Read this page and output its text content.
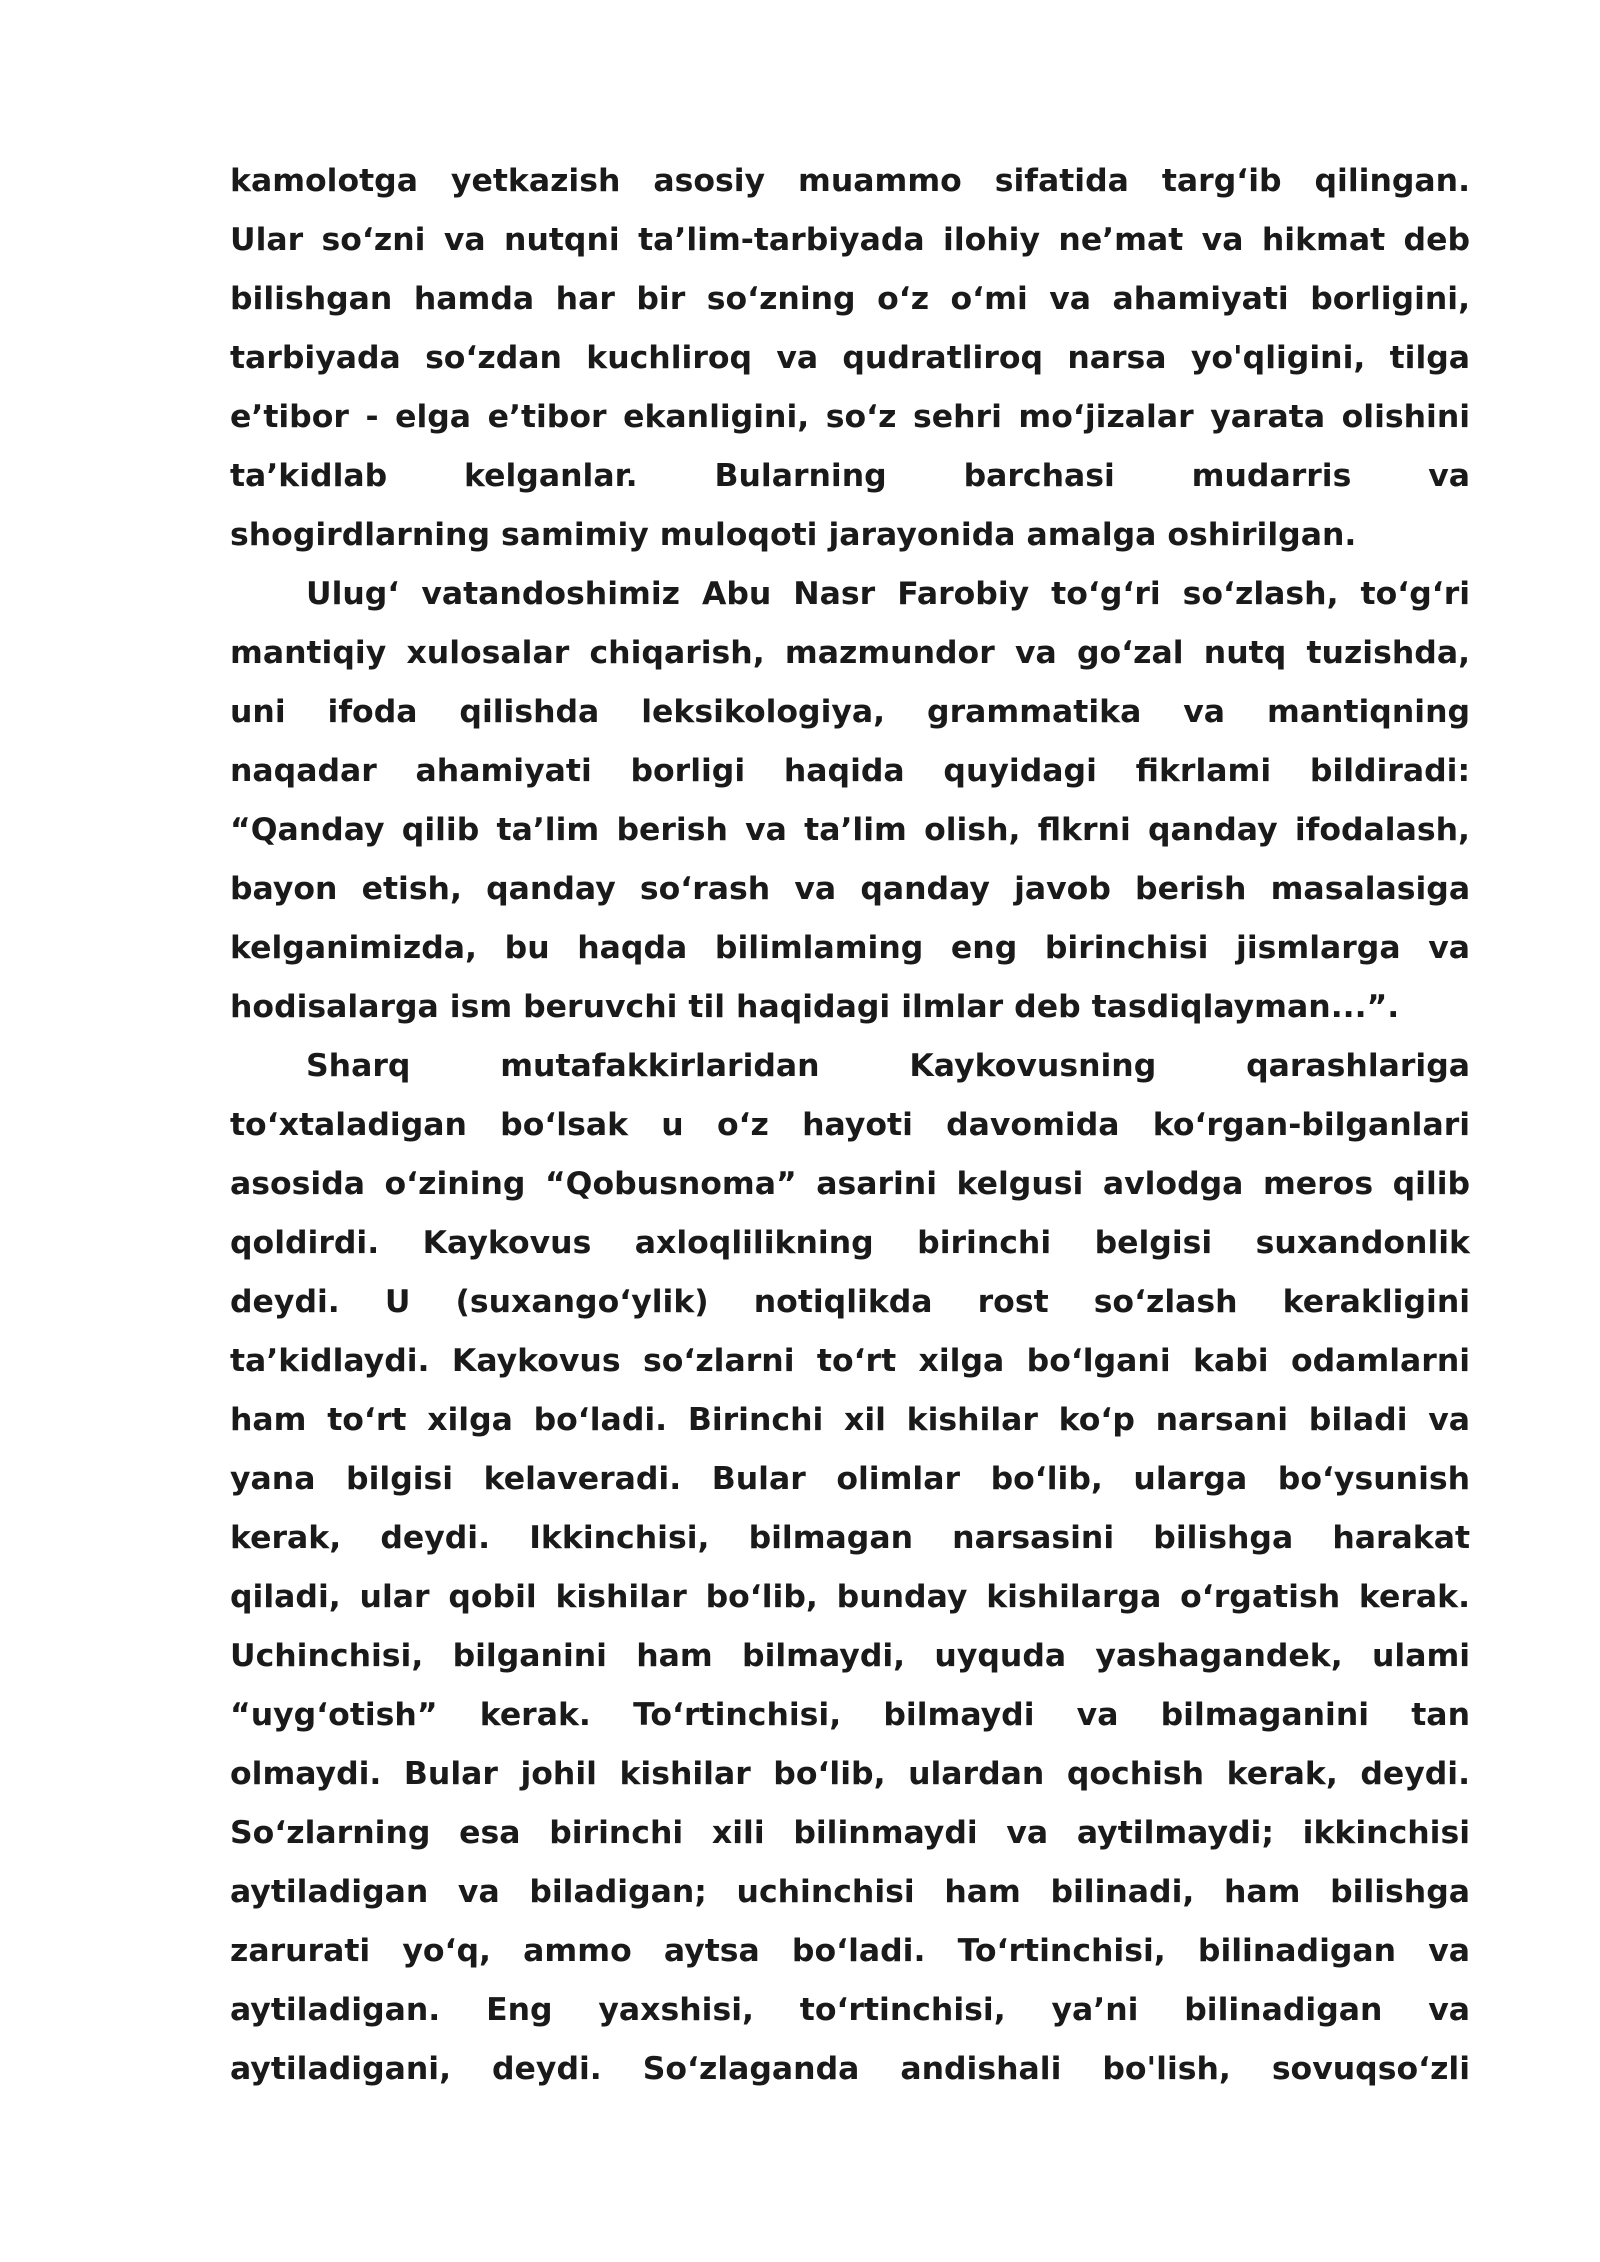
kamolotga yetkazish asosiy muammo sifatida targ‘ib qilingan.
Ular so‘zni va nutqni ta’lim-tarbiyada ilohiy ne’mat va hikmat deb
bilishgan hamda har bir so‘zning o‘z o‘mi va ahamiyati borligini,
tarbiyada so‘zdan kuchliroq va qudratliroq narsa yo'qligini, tilga
e’tibor - elga e’tibor ekanligini, so‘z sehri mo‘jizalar yarata olishini
ta’kidlab kelganlar. Bularning barchasi mudarris va
shogirdlarning samimiy muloqoti jarayonida amalga oshirilgan.
Ulug‘ vatandoshimiz Abu Nasr Farobiy to‘g‘ri so‘zlash, to‘g‘ri
mantiqiy xulosalar chiqarish, mazmundor va go‘zal nutq tuzishda,
uni ifoda qilishda leksikologiya, grammatika va mantiqning
naqadar ahamiyati borligi haqida quyidagi fikrlami bildiradi:
“Qanday qilib ta’lim berish va ta’lim olish, flkrni qanday ifodalash,
bayon etish, qanday so‘rash va qanday javob berish masalasiga
kelganimizda, bu haqda bilimlaming eng birinchisi jismlarga va
hodisalarga ism beruvchi til haqidagi ilmlar deb tasdiqlayman...”.
Sharq	mutafakkirlaridan	Kaykovusning	qarashlariga
to‘xtaladigan bo‘lsak u o‘z hayoti davomida ko‘rgan-bilganlari
asosida o‘zining “Qobusnoma” asarini kelgusi avlodga meros qilib
qoldirdi. Kaykovus axloqlilikning birinchi belgisi suxandonlik
deydi. U (suxango‘ylik) notiqlikda rost so‘zlash kerakligini
ta’kidlaydi. Kaykovus so‘zlarni to‘rt xilga bo‘lgani kabi odamlarni
ham to‘rt xilga bo‘ladi. Birinchi xil kishilar ko‘p narsani biladi va
yana bilgisi kelaveradi. Bular olimlar bo‘lib, ularga bo‘ysunish
kerak, deydi. Ikkinchisi, bilmagan narsasini bilishga harakat
qiladi, ular qobil kishilar bo‘lib, bunday kishilarga o‘rgatish kerak.
Uchinchisi, bilganini ham bilmaydi, uyquda yashagandek, ulami
“uyg‘otish” kerak. To‘rtinchisi, bilmaydi va bilmaganini tan
olmaydi. Bular johil kishilar bo‘lib, ulardan qochish kerak, deydi.
So‘zlarning esa birinchi xili bilinmaydi va aytilmaydi; ikkinchisi
aytiladigan va biladigan; uchinchisi ham bilinadi, ham bilishga
zarurati yo‘q, ammo aytsa bo‘ladi. To‘rtinchisi, bilinadigan va
aytiladigan. Eng yaxshisi, to‘rtinchisi, ya’ni bilinadigan va
aytiladigani, deydi. So‘zlaganda andishali bo'lish, sovuqso‘zli
